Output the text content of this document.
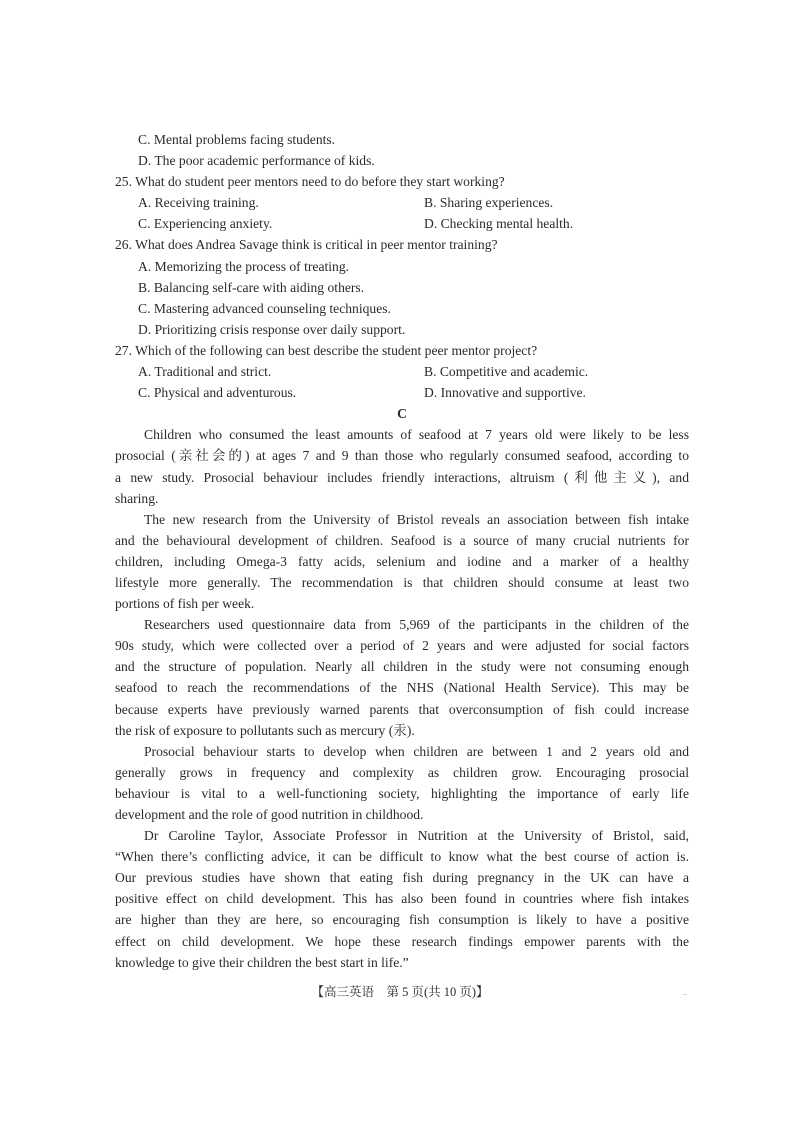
C. Mental problems facing students.
D. The poor academic performance of kids.
25. What do student peer mentors need to do before they start working?
A. Receiving training.	B. Sharing experiences.
C. Experiencing anxiety.	D. Checking mental health.
26. What does Andrea Savage think is critical in peer mentor training?
A. Memorizing the process of treating.
B. Balancing self-care with aiding others.
C. Mastering advanced counseling techniques.
D. Prioritizing crisis response over daily support.
27. Which of the following can best describe the student peer mentor project?
A. Traditional and strict.	B. Competitive and academic.
C. Physical and adventurous.	D. Innovative and supportive.
C
Children who consumed the least amounts of seafood at 7 years old were likely to be less
prosocial (亲社会的) at ages 7 and 9 than those who regularly consumed seafood, according to
a new study. Prosocial behaviour includes friendly interactions, altruism (利他主义), and
sharing.
The new research from the University of Bristol reveals an association between fish intake
and the behavioural development of children. Seafood is a source of many crucial nutrients for
children, including Omega-3 fatty acids, selenium and iodine and a marker of a healthy
lifestyle more generally. The recommendation is that children should consume at least two
portions of fish per week.
Researchers used questionnaire data from 5,969 of the participants in the children of the
90s study, which were collected over a period of 2 years and were adjusted for social factors
and the structure of population. Nearly all children in the study were not consuming enough
seafood to reach the recommendations of the NHS (National Health Service). This may be
because experts have previously warned parents that overconsumption of fish could increase
the risk of exposure to pollutants such as mercury (汞).
Prosocial behaviour starts to develop when children are between 1 and 2 years old and
generally grows in frequency and complexity as children grow. Encouraging prosocial
behaviour is vital to a well-functioning society, highlighting the importance of early life
development and the role of good nutrition in childhood.
Dr Caroline Taylor, Associate Professor in Nutrition at the University of Bristol, said,
“When there’s conflicting advice, it can be difficult to know what the best course of action is.
Our previous studies have shown that eating fish during pregnancy in the UK can have a
positive effect on child development. This has also been found in countries where fish intakes
are higher than they are here, so encouraging fish consumption is likely to have a positive
effect on child development. We hope these research findings empower parents with the
knowledge to give their children the best start in life.”
【高三英语　第 5 页(共 10 页)】	..
